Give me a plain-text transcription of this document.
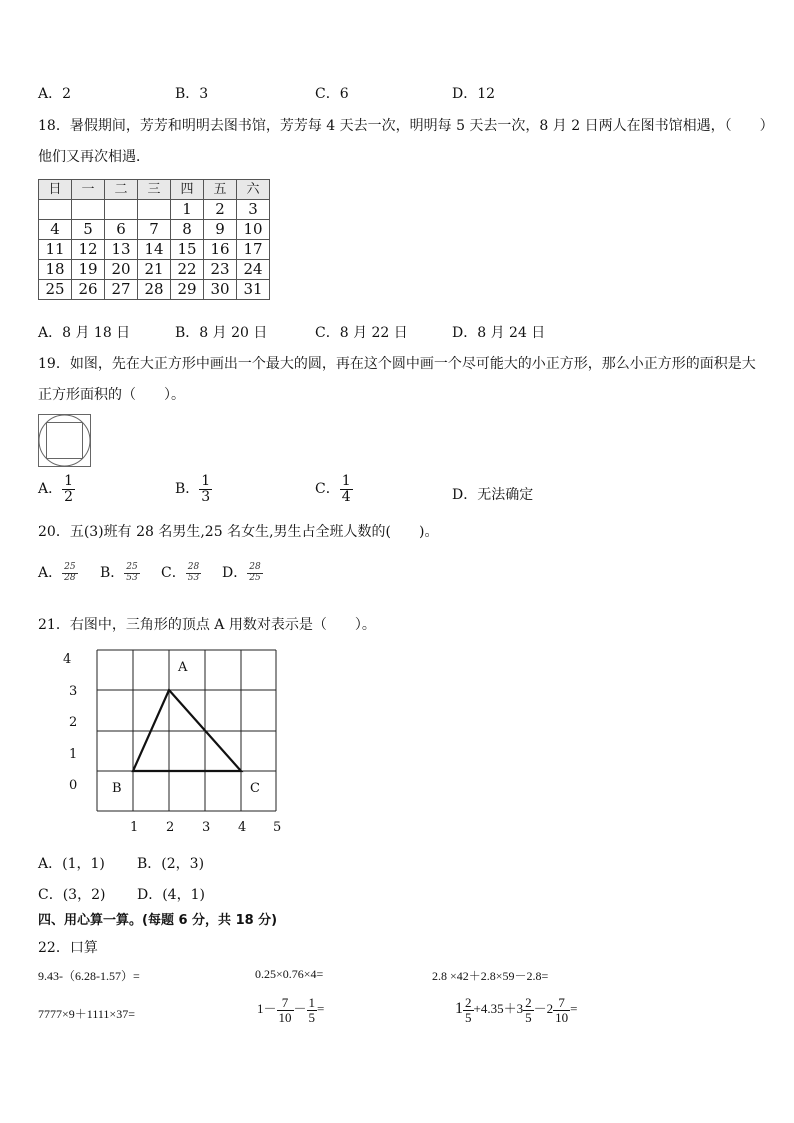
A．2	B．3	C．6	D．12
18．暑假期间，芳芳和明明去图书馆，芳芳每 4 天去一次，明明每 5 天去一次，8 月 2 日两人在图书馆相遇，（　　）
他们又再次相遇．
日	一	二	三	四	五	六
				1	2	3
4	5	6	7	8	9	10
11	12	13	14	15	16	17
18	19	20	21	22	23	24
25	26	27	28	29	30	31
A．8 月 18 日	B．8 月 20 日	C．8 月 22 日	D．8 月 24 日
19．如图，先在大正方形中画出一个最大的圆，再在这个圆中画一个尽可能大的小正方形，那么小正方形的面积是大
正方形面积的（　　）。
A． $\frac{1}{2}$	B． $\frac{1}{3}$	C． $\frac{1}{4}$	D．无法确定
20．五(3)班有 28 名男生,25 名女生,男生占全班人数的(　　)。
A． $\frac{25}{28}$ B． $\frac{25}{53}$ C． $\frac{28}{53}$ D． $\frac{28}{25}$
21．右图中，三角形的顶点 A 用数对表示是（　　）。
4
3
2
1
0
1 2 3 4 5
A
B	C
A．(1，1) B．(2，3)
C．(3，2) D．(4，1)
四、用心算一算。(每题 6 分，共 18 分)
22．口算
9.43-（6.28-1.57）=	0.25×0.76×4=	2.8 ×42＋2.8×59－2.8=
7777×9＋1111×37=	$1- \frac{7}{10} - \frac{1}{5}$ =	$1 \frac{2}{5} +4.35+3 \frac{2}{5} -2 \frac{7}{10}$ =
